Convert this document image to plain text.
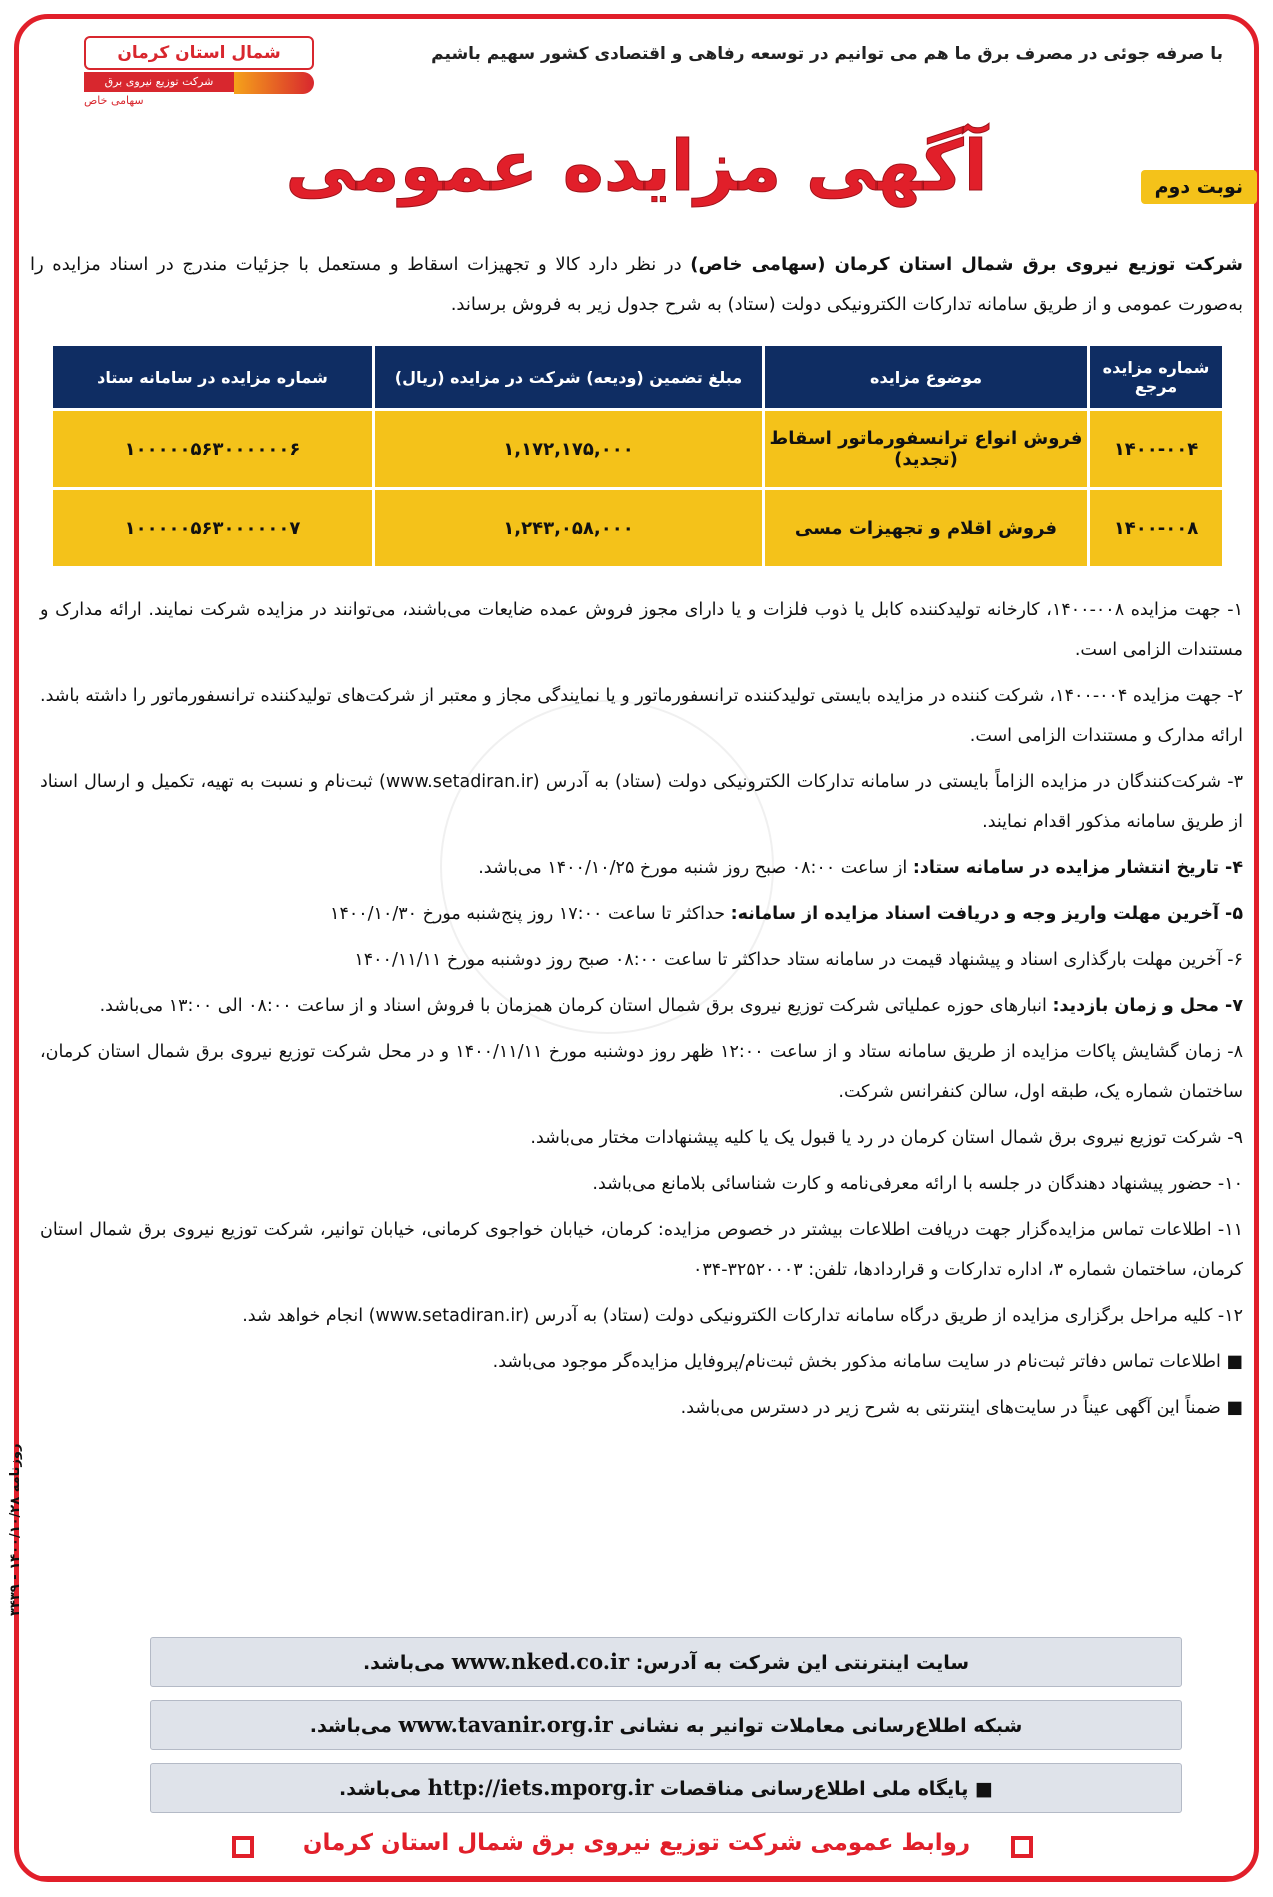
شمال استان کرمان
شرکت توزیع نیروی برق
سهامی خاص
با صرفه جوئی در مصرف برق ما هم می توانیم در توسعه رفاهی و اقتصادی کشور سهیم باشیم
آگهی مزایده عمومی	نوبت دوم
شرکت توزیع نیروی برق شمال استان کرمان (سهامی خاص) در نظر دارد کالا و تجهیزات اسقاط و مستعمل با جزئیات مندرج در اسناد مزایده را به‌صورت عمومی و از طریق سامانه تدارکات الکترونیکی دولت (ستاد) به شرح جدول زیر به فروش برساند.
شماره مزایده مرجع	موضوع مزایده	مبلغ تضمین (ودیعه) شرکت در مزایده (ریال)	شماره مزایده در سامانه ستاد
۱۴۰۰-۰۰۴	فروش انواع ترانسفورماتور اسقاط (تجدید)	۱,۱۷۲,۱۷۵,۰۰۰	۱۰۰۰۰۰۵۶۳۰۰۰۰۰۰۶
۱۴۰۰-۰۰۸	فروش اقلام و تجهیزات مسی	۱,۲۴۳,۰۵۸,۰۰۰	۱۰۰۰۰۰۵۶۳۰۰۰۰۰۰۷

۱- جهت مزایده ۰۰۸-۱۴۰۰، کارخانه تولیدکننده کابل یا ذوب فلزات و یا دارای مجوز فروش عمده ضایعات می‌باشند، می‌توانند در مزایده شرکت نمایند. ارائه مدارک و مستندات الزامی است.

۲- جهت مزایده ۰۰۴-۱۴۰۰، شرکت کننده در مزایده بایستی تولیدکننده ترانسفورماتور و یا نمایندگی مجاز و معتبر از شرکت‌های تولیدکننده ترانسفورماتور را داشته باشد. ارائه مدارک و مستندات الزامی است.

۳- شرکت‌کنندگان در مزایده الزاماً بایستی در سامانه تدارکات الکترونیکی دولت (ستاد) به آدرس (www.setadiran.ir) ثبت‌نام و نسبت به تهیه، تکمیل و ارسال اسناد از طریق سامانه مذکور اقدام نمایند.

۴- تاریخ انتشار مزایده در سامانه ستاد: از ساعت ۰۸:۰۰ صبح روز شنبه مورخ ۱۴۰۰/۱۰/۲۵ می‌باشد.

۵- آخرین مهلت واریز وجه و دریافت اسناد مزایده از سامانه: حداکثر تا ساعت ۱۷:۰۰ روز پنج‌شنبه مورخ ۱۴۰۰/۱۰/۳۰

۶- آخرین مهلت بارگذاری اسناد و پیشنهاد قیمت در سامانه ستاد حداکثر تا ساعت ۰۸:۰۰ صبح روز دوشنبه مورخ ۱۴۰۰/۱۱/۱۱

۷- محل و زمان بازدید: انبارهای حوزه عملیاتی شرکت توزیع نیروی برق شمال استان کرمان همزمان با فروش اسناد و از ساعت ۰۸:۰۰ الی ۱۳:۰۰ می‌باشد.

۸- زمان گشایش پاکات مزایده از طریق سامانه ستاد و از ساعت ۱۲:۰۰ ظهر روز دوشنبه مورخ ۱۴۰۰/۱۱/۱۱ و در محل شرکت توزیع نیروی برق شمال استان کرمان، ساختمان شماره یک، طبقه اول، سالن کنفرانس شرکت.

۹- شرکت توزیع نیروی برق شمال استان کرمان در رد یا قبول یک یا کلیه پیشنهادات مختار می‌باشد.

۱۰- حضور پیشنهاد دهندگان در جلسه با ارائه معرفی‌نامه و کارت شناسائی بلامانع می‌باشد.

۱۱- اطلاعات تماس مزایده‌گزار جهت دریافت اطلاعات بیشتر در خصوص مزایده: کرمان، خیابان خواجوی کرمانی، خیابان توانیر، شرکت توزیع نیروی برق شمال استان کرمان، ساختمان شماره ۳، اداره تدارکات و قراردادها، تلفن: ۳۲۵۲۰۰۰۳-۰۳۴

۱۲- کلیه مراحل برگزاری مزایده از طریق درگاه سامانه تدارکات الکترونیکی دولت (ستاد) به آدرس (www.setadiran.ir) انجام خواهد شد.

■ اطلاعات تماس دفاتر ثبت‌نام در سایت سامانه مذکور بخش ثبت‌نام/پروفایل مزایده‌گر موجود می‌باشد.

■ ضمناً این آگهی عیناً در سایت‌های اینترنتی به شرح زیر در دسترس می‌باشد.

سایت اینترنتی این شرکت به آدرس: www.nked.co.ir می‌باشد.
شبکه اطلاع‌رسانی معاملات توانیر به نشانی www.tavanir.org.ir می‌باشد.
■ پایگاه ملی اطلاع‌رسانی مناقصات http://iets.mporg.ir می‌باشد.
روابط عمومی شرکت توزیع نیروی برق شمال استان کرمان
روزنامه ۱۴۰۰/۱۰/۲۸ - ۳۴۳۹
